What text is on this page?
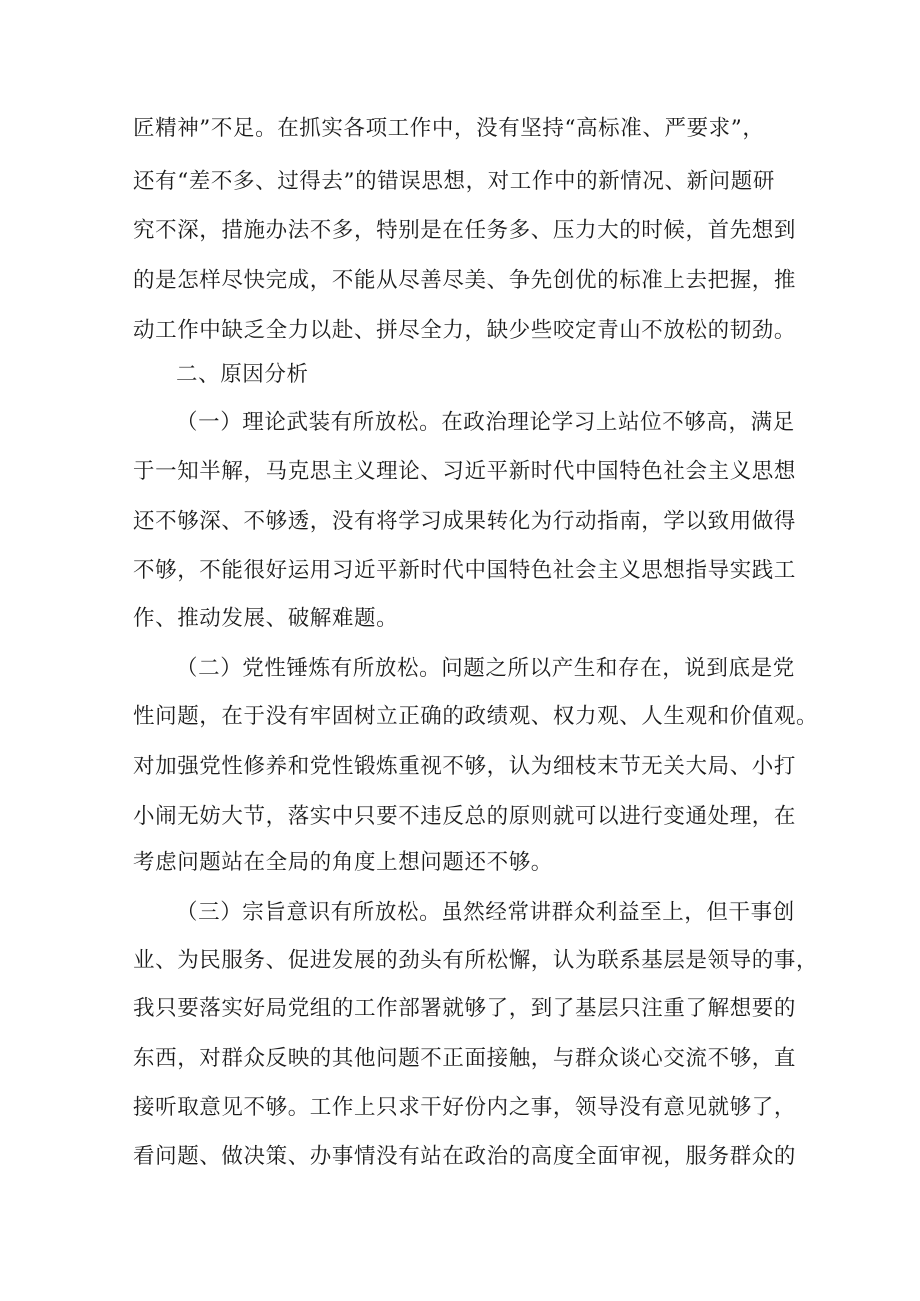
匠精神”不足。在抓实各项工作中，没有坚持“高标准、严要求”，
还有“差不多、过得去”的错误思想，对工作中的新情况、新问题研
究不深，措施办法不多，特别是在任务多、压力大的时候，首先想到
的是怎样尽快完成，不能从尽善尽美、争先创优的标准上去把握，推
动工作中缺乏全力以赴、拼尽全力，缺少些咬定青山不放松的韧劲。
二、原因分析
（一）理论武装有所放松。在政治理论学习上站位不够高，满足
于一知半解，马克思主义理论、习近平新时代中国特色社会主义思想
还不够深、不够透，没有将学习成果转化为行动指南，学以致用做得
不够，不能很好运用习近平新时代中国特色社会主义思想指导实践工
作、推动发展、破解难题。
（二）党性锤炼有所放松。问题之所以产生和存在，说到底是党
性问题，在于没有牢固树立正确的政绩观、权力观、人生观和价值观。
对加强党性修养和党性锻炼重视不够，认为细枝末节无关大局、小打
小闹无妨大节，落实中只要不违反总的原则就可以进行变通处理，在
考虑问题站在全局的角度上想问题还不够。
（三）宗旨意识有所放松。虽然经常讲群众利益至上，但干事创
业、为民服务、促进发展的劲头有所松懈，认为联系基层是领导的事，
我只要落实好局党组的工作部署就够了，到了基层只注重了解想要的
东西，对群众反映的其他问题不正面接触，与群众谈心交流不够，直
接听取意见不够。工作上只求干好份内之事，领导没有意见就够了，
看问题、做决策、办事情没有站在政治的高度全面审视，服务群众的
